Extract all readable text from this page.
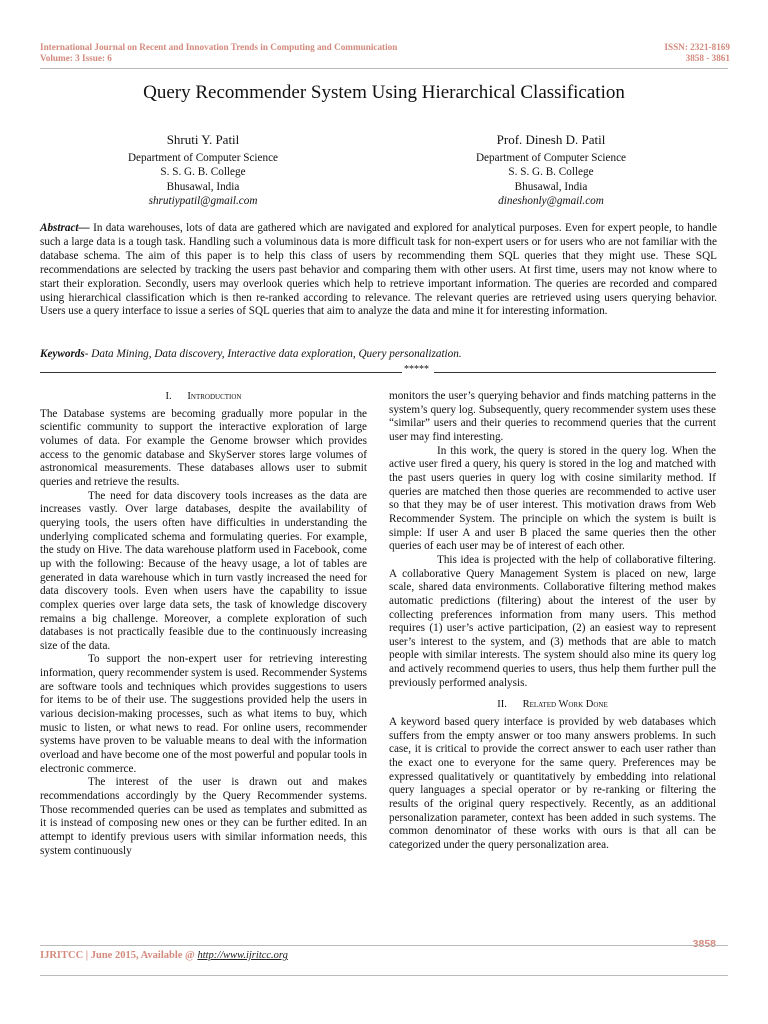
International Journal on Recent and Innovation Trends in Computing and Communication
Volume: 3 Issue: 6
ISSN: 2321-8169
3858 - 3861
Query Recommender System Using Hierarchical Classification
Shruti Y. Patil
Department of Computer Science
S. S. G. B. College
Bhusawal, India
shrutiypatil@gmail.com
Prof. Dinesh D. Patil
Department of Computer Science
S. S. G. B. College
Bhusawal, India
dineshonly@gmail.com
Abstract— In data warehouses, lots of data are gathered which are navigated and explored for analytical purposes. Even for expert people, to handle such a large data is a tough task. Handling such a voluminous data is more difficult task for non-expert users or for users who are not familiar with the database schema. The aim of this paper is to help this class of users by recommending them SQL queries that they might use. These SQL recommendations are selected by tracking the users past behavior and comparing them with other users. At first time, users may not know where to start their exploration. Secondly, users may overlook queries which help to retrieve important information. The queries are recorded and compared using hierarchical classification which is then re-ranked according to relevance. The relevant queries are retrieved using users querying behavior. Users use a query interface to issue a series of SQL queries that aim to analyze the data and mine it for interesting information.
Keywords- Data Mining, Data discovery, Interactive data exploration, Query personalization.
*****
I. Introduction

The Database systems are becoming gradually more popular in the scientific community to support the interactive exploration of large volumes of data. For example the Genome browser which provides access to the genomic database and SkyServer stores large volumes of astronomical measurements. These databases allows user to submit queries and retrieve the results.

The need for data discovery tools increases as the data are increases vastly. Over large databases, despite the availability of querying tools, the users often have difficulties in understanding the underlying complicated schema and formulating queries. For example, the study on Hive. The data warehouse platform used in Facebook, come up with the following: Because of the heavy usage, a lot of tables are generated in data warehouse which in turn vastly increased the need for data discovery tools. Even when users have the capability to issue complex queries over large data sets, the task of knowledge discovery remains a big challenge. Moreover, a complete exploration of such databases is not practically feasible due to the continuously increasing size of the data.

To support the non-expert user for retrieving interesting information, query recommender system is used. Recommender Systems are software tools and techniques which provides suggestions to users for items to be of their use. The suggestions provided help the users in various decision-making processes, such as what items to buy, which music to listen, or what news to read. For online users, recommender systems have proven to be valuable means to deal with the information overload and have become one of the most powerful and popular tools in electronic commerce.

The interest of the user is drawn out and makes recommendations accordingly by the Query Recommender systems. Those recommended queries can be used as templates and submitted as it is instead of composing new ones or they can be further edited. In an attempt to identify previous users with similar information needs, this system continuously

monitors the user’s querying behavior and finds matching patterns in the system’s query log. Subsequently, query recommender system uses these “similar” users and their queries to recommend queries that the current user may find interesting.

In this work, the query is stored in the query log. When the active user fired a query, his query is stored in the log and matched with the past users queries in query log with cosine similarity method. If queries are matched then those queries are recommended to active user so that they may be of user interest. This motivation draws from Web Recommender System. The principle on which the system is built is simple: If user A and user B placed the same queries then the other queries of each user may be of interest of each other.

This idea is projected with the help of collaborative filtering. A collaborative Query Management System is placed on new, large scale, shared data environments. Collaborative filtering method makes automatic predictions (filtering) about the interest of the user by collecting preferences information from many users. This method requires (1) user’s active participation, (2) an easiest way to represent user’s interest to the system, and (3) methods that are able to match people with similar interests. The system should also mine its query log and actively recommend queries to users, thus help them further pull the previously performed analysis.

II. Related Work Done

A keyword based query interface is provided by web databases which suffers from the empty answer or too many answers problems. In such case, it is critical to provide the correct answer to each user rather than the exact one to everyone for the same query. Preferences may be expressed qualitatively or quantitatively by embedding into relational query languages a special operator or by re-ranking or filtering the results of the original query respectively. Recently, as an additional personalization parameter, context has been added in such systems. The common denominator of these works with ours is that all can be categorized under the query personalization area.

3858
IJRITCC | June 2015, Available @ http://www.ijritcc.org
